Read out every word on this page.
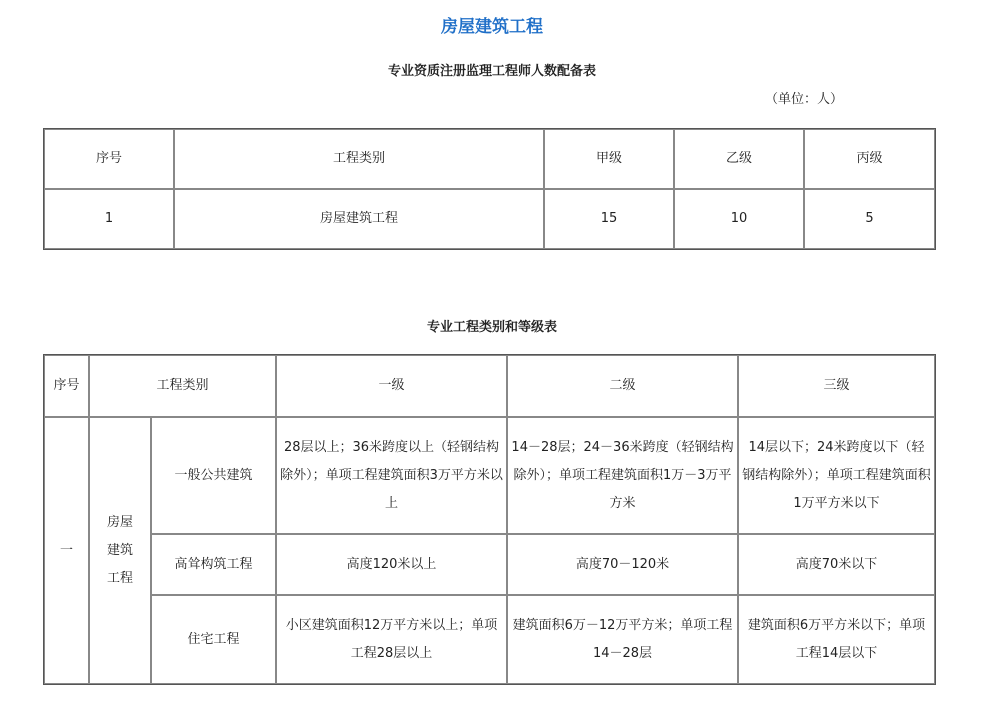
房屋建筑工程
专业资质注册监理工程师人数配备表
（单位：人）
序号	工程类别	甲级	乙级	丙级
1	房屋建筑工程	15	10	5
专业工程类别和等级表
序号	工程类别		一级	二级	三级
一	房屋
建筑
工程	一般公共建筑	28层以上；36米跨度以上（轻钢结构除外）；单项工程建筑面积3万平方米以上	14－28层；24－36米跨度（轻钢结构除外）；单项工程建筑面积1万－3万平方米	14层以下；24米跨度以下（轻钢结构除外）；单项工程建筑面积1万平方米以下
		高耸构筑工程	高度120米以上	高度70－120米	高度70米以下
		住宅工程	小区建筑面积12万平方米以上；单项工程28层以上	建筑面积6万－12万平方米；单项工程14－28层	建筑面积6万平方米以下；单项工程14层以下
